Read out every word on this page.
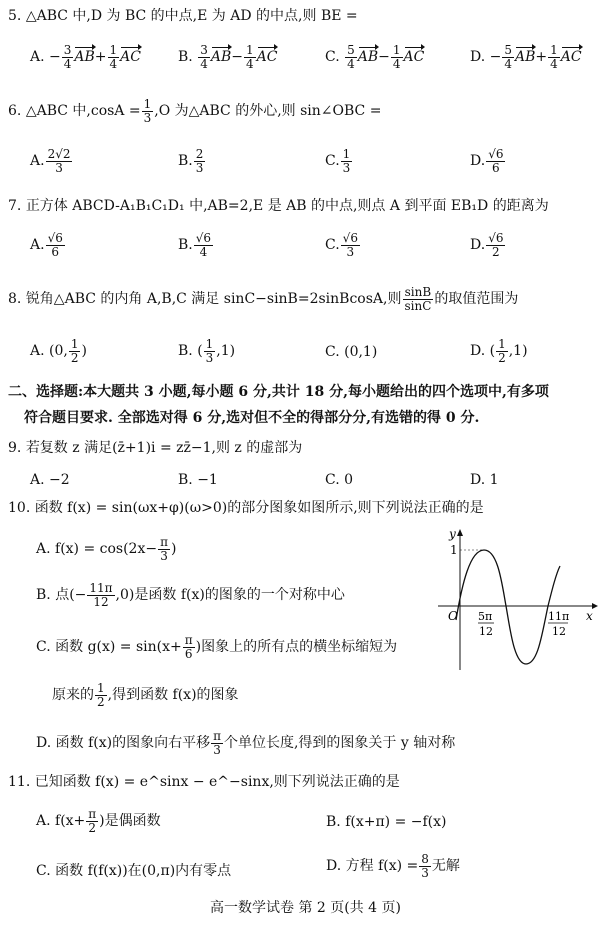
5. △ABC 中,D 为 BC 的中点,E 为 AD 的中点,则 BE =
A. − $\frac{3}{4} AB+ \frac{1}{4}$ AC	B. $\frac{3}{4} AB- \frac{1}{4}$ AC	C. $\frac{5}{4} AB- \frac{1}{4}$ AC	D. − $\frac{5}{4} AB+ \frac{1}{4}$ AC
6. △ABC 中$,\cos A = \frac{1}{3} ,O$ 为△ABC 的外心,则 sin∠OBC =
A. $\frac{2√2}{3}$	B. $\frac{2}{3}$	C. $\frac{1}{3}$	D. $\frac{√6}{6}$
7. 正方体 ABCD-A₁B₁C₁D₁ 中,AB=2,E 是 AB 的中点,则点 A 到平面 EB₁D 的距离为
A. $\frac{√6}{6}$	B. $\frac{√6}{4}$	C. $\frac{√6}{3}$	D. $\frac{√6}{2}$
8. 锐角△ABC 的内角 A,B,C 满足 sinC−sinB=2sinBcosA,则 $\frac{\sin B}{\sin C}$ 的取值范围为
A. (0, $\frac{1}{2}$ )	B. ( $\frac{1}{3} ,1$)	C. (0,1)	D. ( $\frac{1}{2} ,1$)
二、选择题:本大题共 3 小题,每小题 6 分,共计 18 分,每小题给出的四个选项中,有多项
符合题目要求. 全部选对得 6 分,选对但不全的得部分分,有选错的得 0 分.
9. 若复数 z 满足(z̄+1)i = zz̄−1,则 z 的虚部为
A. −2	B. −1	C. 0	D. 1
10. 函数 f(x) = sin(ωx+φ)(ω>0)的部分图象如图所示,则下列说法正确的是
A. $f(x) = \cos(2x- \frac{\pi}{3}$ )
B. 点(− $\frac{11\pi}{12} ,0$)是函数 f(x)的图象的一个对称中心
C. 函数 $g(x) = \sin(x+ \frac{\pi}{6}$ )图象上的所有点的横坐标缩短为
原来的 $\frac{1}{2}$ ,得到函数 f(x)的图象
D. 函数 f(x)的图象向右平移 $\frac{\pi}{3}$ 个单位长度,得到的图象关于 y 轴对称
y
x
O
1
5π
12
11π
12
11. 已知函数 f(x) = e^sinx − e^−sinx,则下列说法正确的是
A. $f(x+ \frac{\pi}{2}$ )是偶函数	B. f(x+π) = −f(x)
C. 函数 f(f(x))在(0,π)内有零点	D. 方程 $f(x) = \frac{8}{3}$ 无解
高一数学试卷 第 2 页(共 4 页)
